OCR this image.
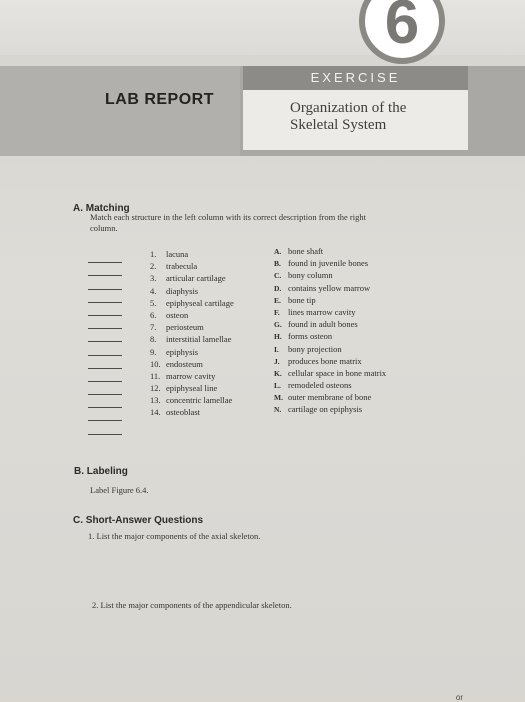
6
EXERCISE
Organization of the
Skeletal System
LAB REPORT
A. Matching
Match each structure in the left column with its correct description from the right
column.
1. lacuna
2. trabecula
3. articular cartilage
4. diaphysis
5. epiphyseal cartilage
6. osteon
7. periosteum
8. interstitial lamellae
9. epiphysis
10. endosteum
11. marrow cavity
12. epiphyseal line
13. concentric lamellae
14. osteoblast
A. bone shaft
B. found in juvenile bones
C. bony column
D. contains yellow marrow
E. bone tip
F. lines marrow cavity
G. found in adult bones
H. forms osteon
I. bony projection
J. produces bone matrix
K. cellular space in bone matrix
L. remodeled osteons
M. outer membrane of bone
N. cartilage on epiphysis
B. Labeling
Label Figure 6.4.
C. Short-Answer Questions
1. List the major components of the axial skeleton.
2. List the major components of the appendicular skeleton.
or
